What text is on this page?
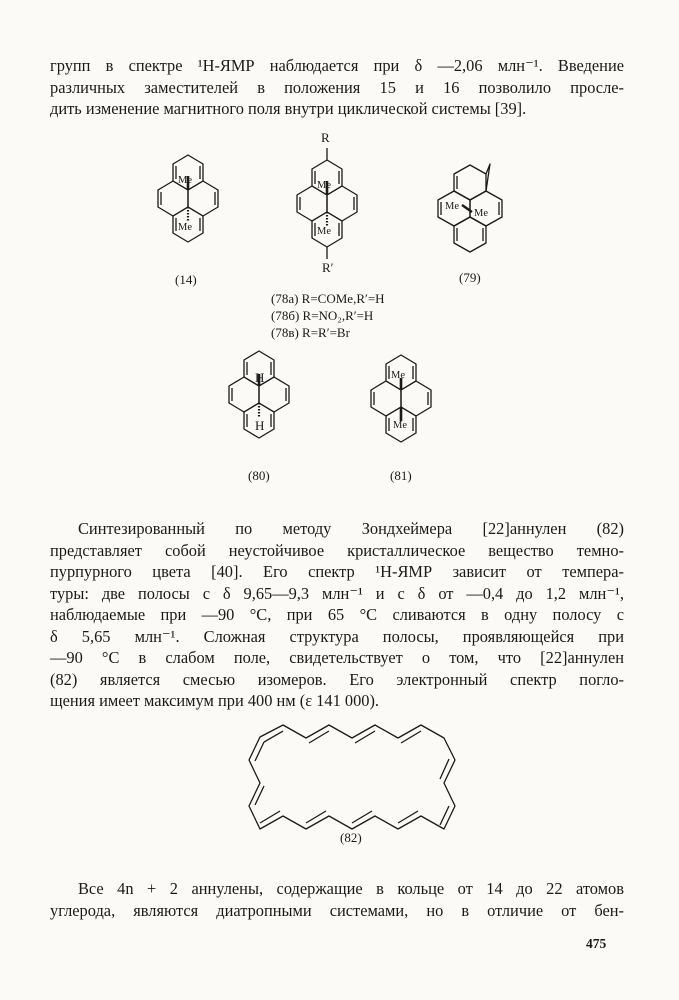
групп в спектре ¹H-ЯМР наблюдается при δ —2,06 млн⁻¹. Введение
различных заместителей в положения 15 и 16 позволило просле-
дить изменение магнитного поля внутри циклической системы [39].
Me
Me
R
Me
Me
R′
Me
Me
H
H
Me
Me
(14)	(79)
(80)	(81)
(82)
(78а) R=COMe,R′=H
(78б) R=NO₂,R′=H
(78в) R=R′=Br
Синтезированный по методу Зондхеймера [22]аннулен (82)
представляет собой неустойчивое кристаллическое вещество темно-
пурпурного цвета [40]. Его спектр ¹H-ЯМР зависит от темпера-
туры: две полосы с δ 9,65—9,3 млн⁻¹ и с δ от —0,4 до 1,2 млн⁻¹,
наблюдаемые при —90 °C, при 65 °C сливаются в одну полосу с
δ 5,65 млн⁻¹. Сложная структура полосы, проявляющейся при
—90 °C в слабом поле, свидетельствует о том, что [22]аннулен
(82) является смесью изомеров. Его электронный спектр погло-
щения имеет максимум при 400 нм (ε 141 000).
Все 4n + 2 аннулены, содержащие в кольце от 14 до 22 атомов
углерода, являются диатропными системами, но в отличие от бен-
475
